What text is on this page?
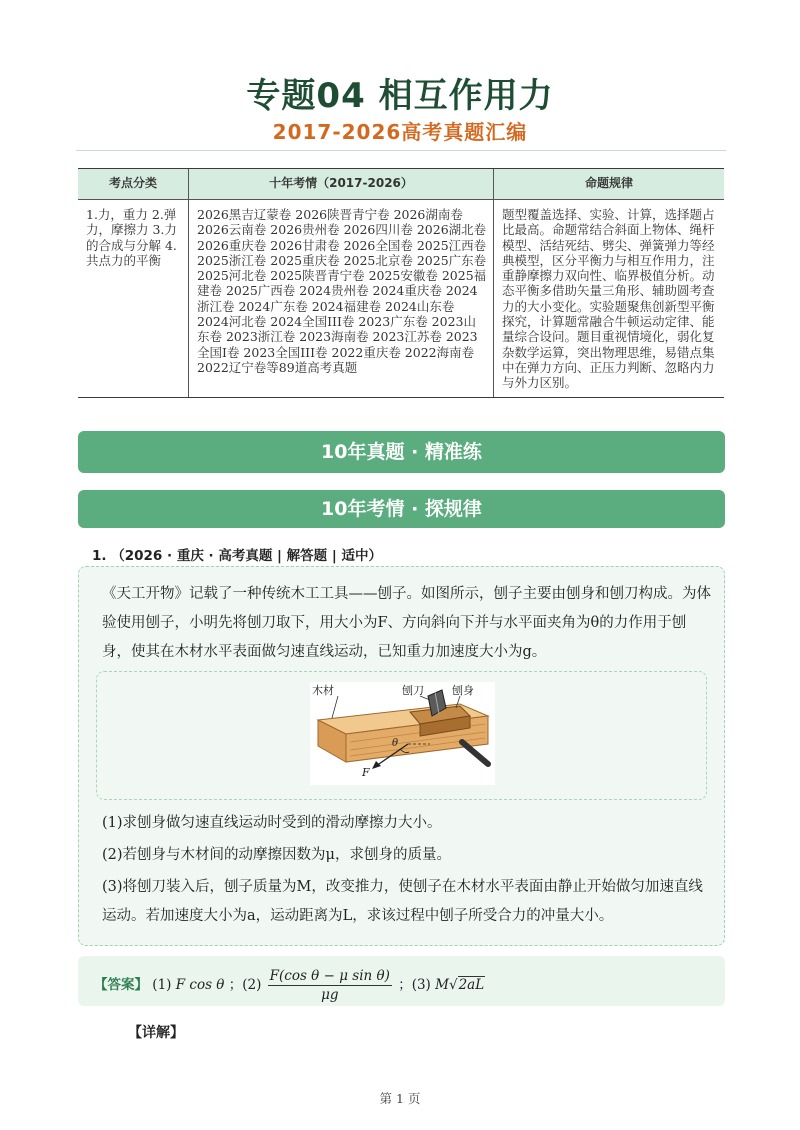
专题04 相互作用力
2017-2026高考真题汇编
考点分类	十年考情（2017-2026）	命题规律
1.力，重力 2.弹力，摩擦力 3.力的合成与分解 4.共点力的平衡	2026黑吉辽蒙卷 2026陕晋青宁卷 2026湖南卷 2026云南卷 2026贵州卷 2026四川卷 2026湖北卷 2026重庆卷 2026甘肃卷 2026全国卷 2025江西卷 2025浙江卷 2025重庆卷 2025北京卷 2025广东卷 2025河北卷 2025陕晋青宁卷 2025安徽卷 2025福建卷 2025广西卷 2024贵州卷 2024重庆卷 2024浙江卷 2024广东卷 2024福建卷 2024山东卷 2024河北卷 2024全国III卷 2023广东卷 2023山东卷 2023浙江卷 2023海南卷 2023江苏卷 2023全国Ⅰ卷 2023全国III卷 2022重庆卷 2022海南卷 2022辽宁卷等89道高考真题	题型覆盖选择、实验、计算，选择题占比最高。命题常结合斜面上物体、绳杆模型、活结死结、劈尖、弹簧弹力等经典模型，区分平衡力与相互作用力，注重静摩擦力双向性、临界极值分析。动态平衡多借助矢量三角形、辅助圆考查力的大小变化。实验题聚焦创新型平衡探究，计算题常融合牛顿运动定律、能量综合设问。题目重视情境化，弱化复杂数学运算，突出物理思维，易错点集中在弹力方向、正压力判断、忽略内力与外力区别。
10年真题 · 精准练
10年考情 · 探规律
1. （2026 · 重庆 · 高考真题 | 解答题 | 适中）
《天工开物》记载了一种传统木工工具——刨子。如图所示，刨子主要由刨身和刨刀构成。为体验使用刨子，小明先将刨刀取下，用大小为F、方向斜向下并与水平面夹角为θ的力作用于刨身，使其在木材水平表面做匀速直线运动，已知重力加速度大小为g。
木材	刨刀	刨身
F
θ
(1)求刨身做匀速直线运动时受到的滑动摩擦力大小。
(2)若刨身与木材间的动摩擦因数为μ，求刨身的质量。
(3)将刨刀装入后，刨子质量为M，改变推力，使刨子在木材水平表面由静止开始做匀加速直线运动。若加速度大小为a，运动距离为L，求该过程中刨子所受合力的冲量大小。
【答案】 (1) F cos θ ；$(2) \frac{\text{F(cos θ − μ sin θ)}}{\mu g}$ ；(3) M√2aL
【详解】
第 1 页
